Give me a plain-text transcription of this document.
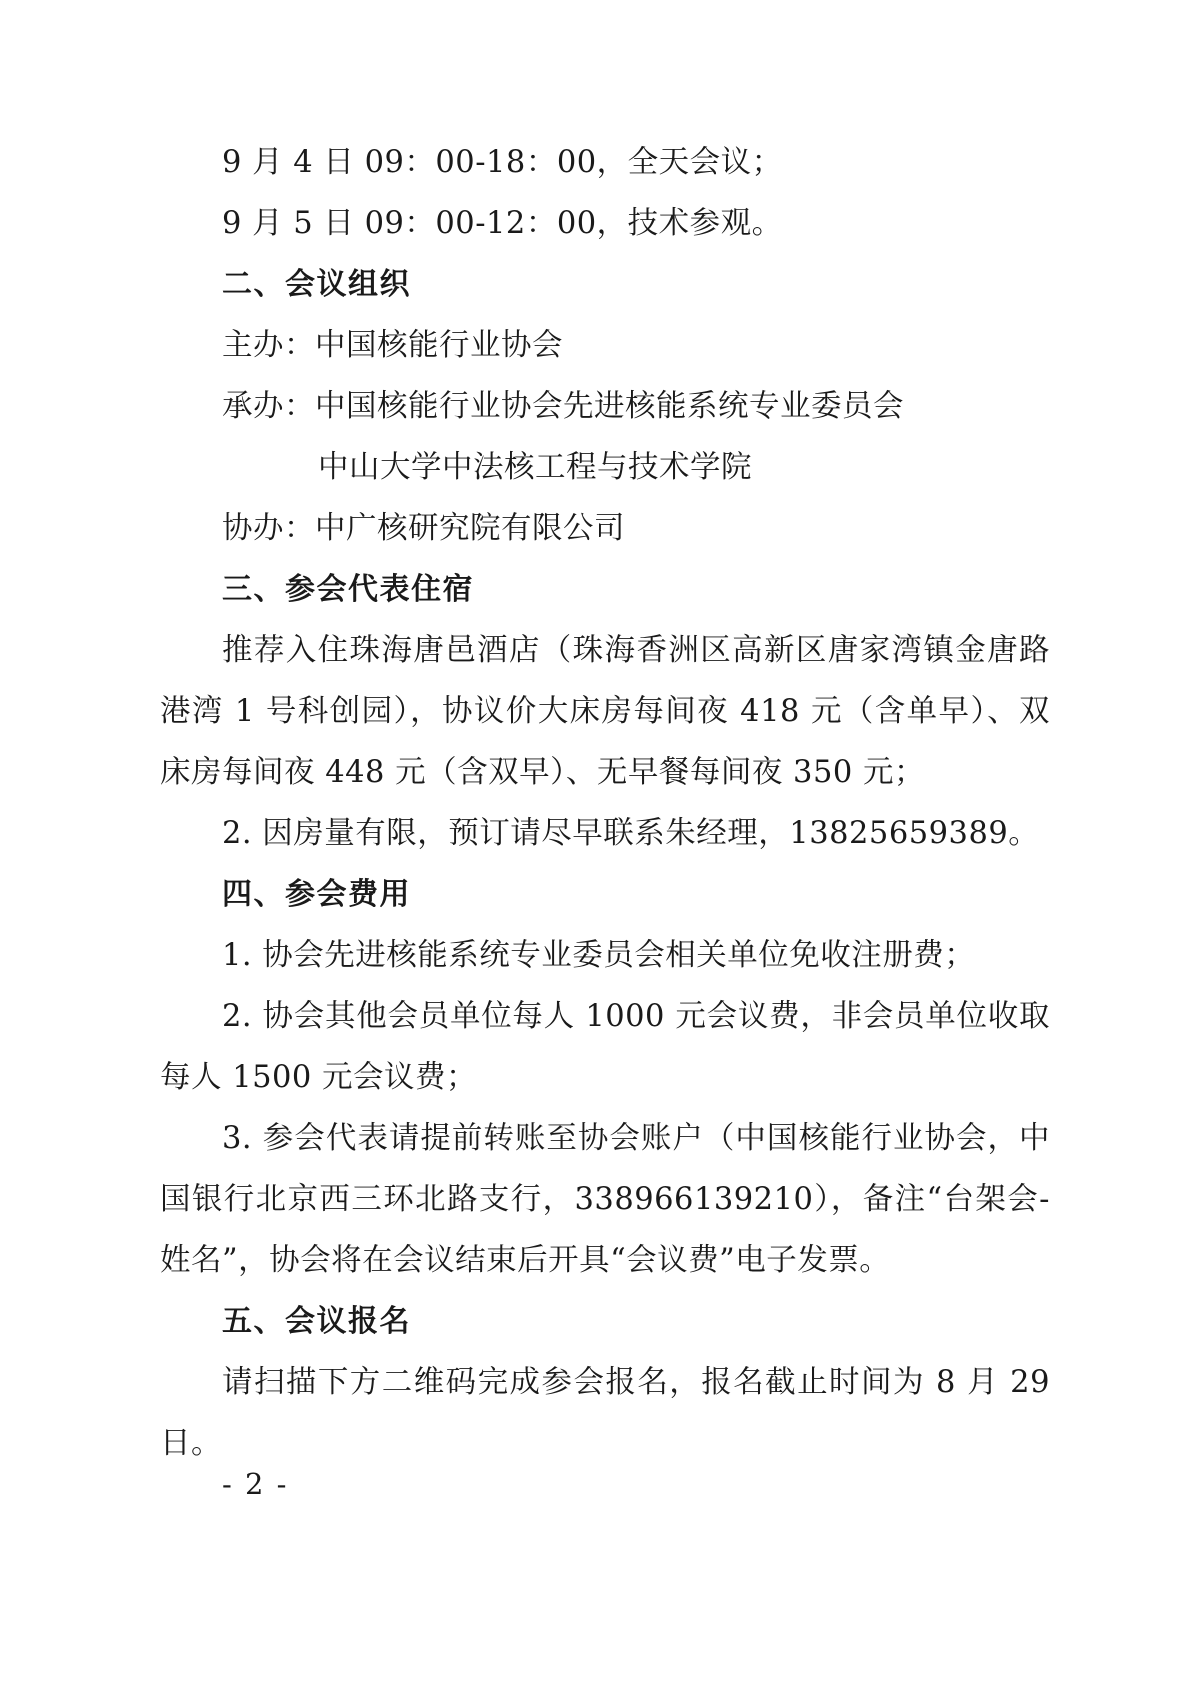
9 月 4 日 09：00-18：00，全天会议；
9 月 5 日 09：00-12：00，技术参观。
二、会议组织
主办：中国核能行业协会
承办：中国核能行业协会先进核能系统专业委员会
中山大学中法核工程与技术学院
协办：中广核研究院有限公司
三、参会代表住宿
推荐入住珠海唐邑酒店（珠海香洲区高新区唐家湾镇金唐路港湾 1 号科创园），协议价大床房每间夜 418 元（含单早）、双床房每间夜 448 元（含双早）、无早餐每间夜 350 元；
2. 因房量有限，预订请尽早联系朱经理，13825659389。
四、参会费用
1. 协会先进核能系统专业委员会相关单位免收注册费；
2. 协会其他会员单位每人 1000 元会议费，非会员单位收取每人 1500 元会议费；
3. 参会代表请提前转账至协会账户（中国核能行业协会，中国银行北京西三环北路支行，338966139210），备注“台架会-姓名”，协会将在会议结束后开具“会议费”电子发票。
五、会议报名
请扫描下方二维码完成参会报名，报名截止时间为 8 月 29 日。
- 2 -
